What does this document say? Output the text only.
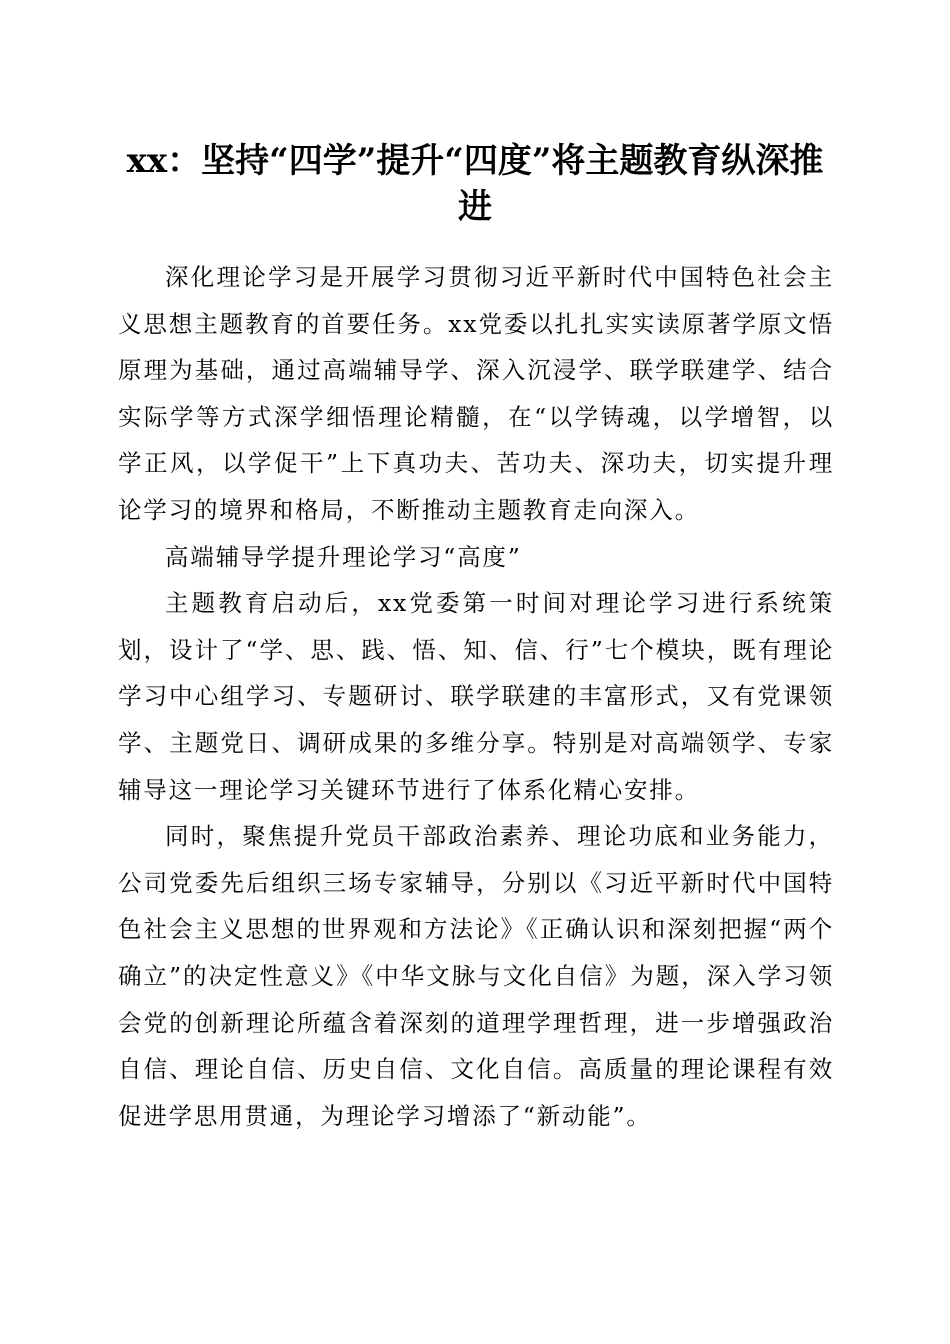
xx：坚持“四学”提升“四度”将主题教育纵深推进

深化理论学习是开展学习贯彻习近平新时代中国特色社会主义思想主题教育的首要任务。xx党委以扎扎实实读原著学原文悟原理为基础，通过高端辅导学、深入沉浸学、联学联建学、结合实际学等方式深学细悟理论精髓，在“以学铸魂，以学增智，以学正风，以学促干”上下真功夫、苦功夫、深功夫，切实提升理论学习的境界和格局，不断推动主题教育走向深入。

高端辅导学提升理论学习“高度”

主题教育启动后，xx党委第一时间对理论学习进行系统策划，设计了“学、思、践、悟、知、信、行”七个模块，既有理论学习中心组学习、专题研讨、联学联建的丰富形式，又有党课领学、主题党日、调研成果的多维分享。特别是对高端领学、专家辅导这一理论学习关键环节进行了体系化精心安排。

同时，聚焦提升党员干部政治素养、理论功底和业务能力，公司党委先后组织三场专家辅导，分别以《习近平新时代中国特色社会主义思想的世界观和方法论》《正确认识和深刻把握“两个确立”的决定性意义》《中华文脉与文化自信》为题，深入学习领会党的创新理论所蕴含着深刻的道理学理哲理，进一步增强政治自信、理论自信、历史自信、文化自信。高质量的理论课程有效促进学思用贯通，为理论学习增添了“新动能”。
